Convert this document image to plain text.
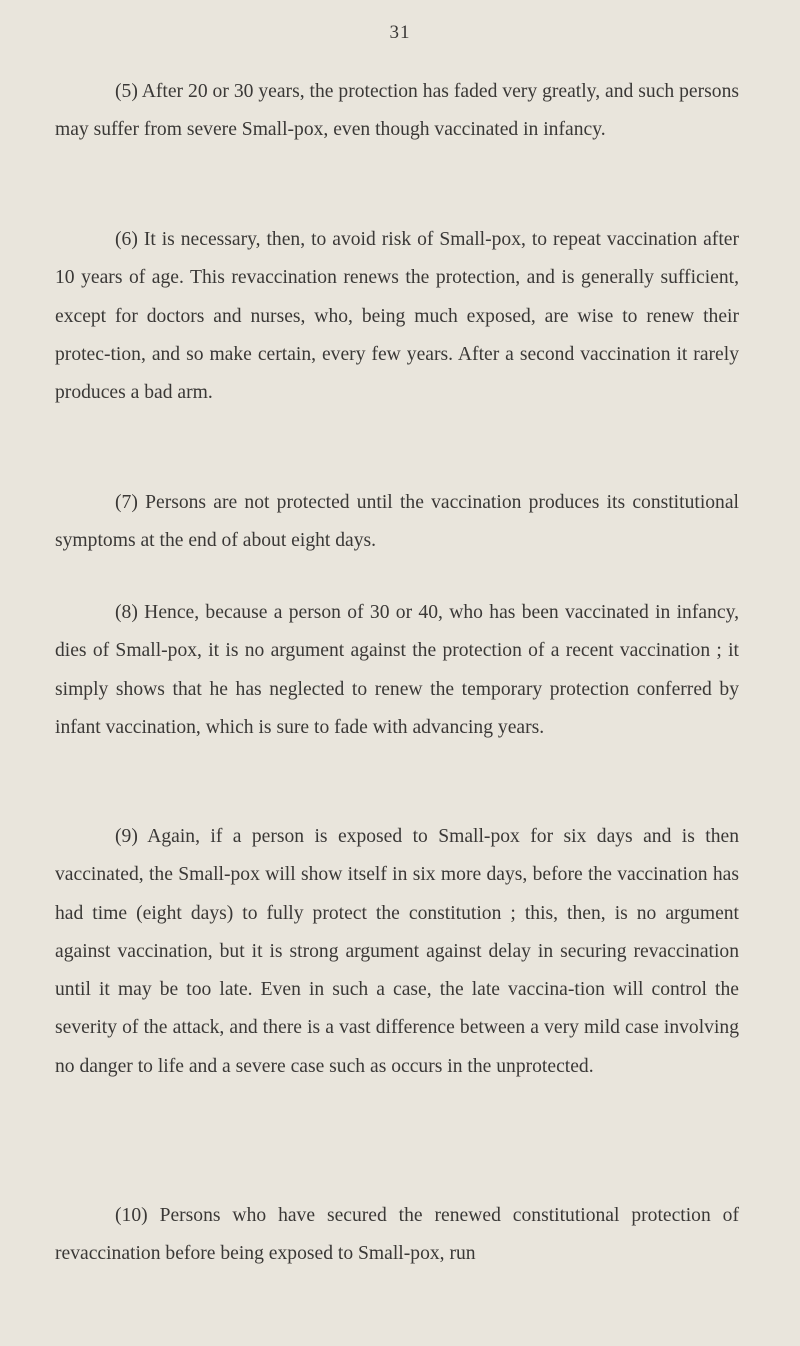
31

(5) After 20 or 30 years, the protection has faded very greatly, and such persons may suffer from severe Small-pox, even though vaccinated in infancy.

(6) It is necessary, then, to avoid risk of Small-pox, to repeat vaccination after 10 years of age. This revaccination renews the protection, and is generally sufficient, except for doctors and nurses, who, being much exposed, are wise to renew their protec-tion, and so make certain, every few years. After a second vaccination it rarely produces a bad arm.

(7) Persons are not protected until the vaccination produces its constitutional symptoms at the end of about eight days.

(8) Hence, because a person of 30 or 40, who has been vaccinated in infancy, dies of Small-pox, it is no argument against the protection of a recent vaccination ; it simply shows that he has neglected to renew the temporary protection conferred by infant vaccination, which is sure to fade with advancing years.

(9) Again, if a person is exposed to Small-pox for six days and is then vaccinated, the Small-pox will show itself in six more days, before the vaccination has had time (eight days) to fully protect the constitution ; this, then, is no argument against vaccination, but it is strong argument against delay in securing revaccination until it may be too late. Even in such a case, the late vaccina-tion will control the severity of the attack, and there is a vast difference between a very mild case involving no danger to life and a severe case such as occurs in the unprotected.

(10) Persons who have secured the renewed constitutional protection of revaccination before being exposed to Small-pox, run
